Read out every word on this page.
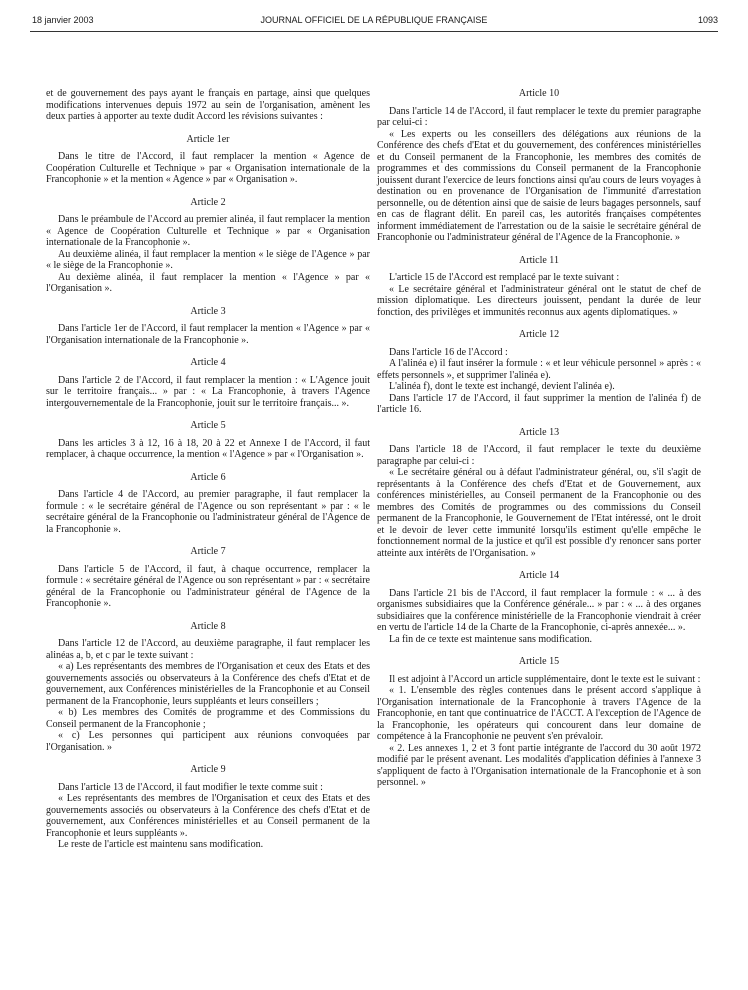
18 janvier 2003	JOURNAL OFFICIEL DE LA RÉPUBLIQUE FRANÇAISE	1093

et de gouvernement des pays ayant le français en partage, ainsi que quelques modifications intervenues depuis 1972 au sein de l'organisation, amènent les deux parties à apporter au texte dudit Accord les révisions suivantes :

Article 1er

Dans le titre de l'Accord, il faut remplacer la mention « Agence de Coopération Culturelle et Technique » par « Organisation internationale de la Francophonie » et la mention « Agence » par « Organisation ».

Article 2

Dans le préambule de l'Accord au premier alinéa, il faut remplacer la mention « Agence de Coopération Culturelle et Technique » par « Organisation internationale de la Francophonie ».

Au deuxième alinéa, il faut remplacer la mention « le siège de l'Agence » par « le siège de la Francophonie ».

Au dexième alinéa, il faut remplacer la mention « l'Agence » par « l'Organisation ».

Article 3

Dans l'article 1er de l'Accord, il faut remplacer la mention « l'Agence » par « l'Organisation internationale de la Francophonie ».

Article 4

Dans l'article 2 de l'Accord, il faut remplacer la mention : « L'Agence jouit sur le territoire français... » par : « La Francophonie, à travers l'Agence intergouvernementale de la Francophonie, jouit sur le territoire français... ».

Article 5

Dans les articles 3 à 12, 16 à 18, 20 à 22 et Annexe I de l'Accord, il faut remplacer, à chaque occurrence, la mention « l'Agence » par « l'Organisation ».

Article 6

Dans l'article 4 de l'Accord, au premier paragraphe, il faut remplacer la formule : « le secrétaire général de l'Agence ou son représentant » par : « le secrétaire général de la Francophonie ou l'administrateur général de l'Agence de la Francophonie ».

Article 7

Dans l'article 5 de l'Accord, il faut, à chaque occurrence, remplacer la formule : « secrétaire général de l'Agence ou son représentant » par : « secrétaire général de la Francophonie ou l'administrateur général de l'Agence de la Francophonie ».

Article 8

Dans l'article 12 de l'Accord, au deuxième paragraphe, il faut remplacer les alinéas a, b, et c par le texte suivant :

« a) Les représentants des membres de l'Organisation et ceux des Etats et des gouvernements associés ou observateurs à la Conférence des chefs d'Etat et de gouvernement, aux Conférences ministérielles de la Francophonie et au Conseil permanent de la Francophonie, leurs suppléants et leurs conseillers ;

« b) Les membres des Comités de programme et des Commissions du Conseil permanent de la Francophonie ;

« c) Les personnes qui participent aux réunions convoquées par l'Organisation. »

Article 9

Dans l'article 13 de l'Accord, il faut modifier le texte comme suit :

« Les représentants des membres de l'Organisation et ceux des Etats et des gouvernements associés ou observateurs à la Conférence des chefs d'Etat et de gouvernement, aux Conférences ministérielles et au Conseil permanent de la Francophonie et leurs suppléants ».

Le reste de l'article est maintenu sans modification.

Article 10

Dans l'article 14 de l'Accord, il faut remplacer le texte du premier paragraphe par celui-ci :

« Les experts ou les conseillers des délégations aux réunions de la Conférence des chefs d'Etat et du gouvernement, des conférences ministérielles et du Conseil permanent de la Francophonie, les membres des comités de programmes et des commissions du Conseil permanent de la Francophonie jouissent durant l'exercice de leurs fonctions ainsi qu'au cours de leurs voyages à destination ou en provenance de l'Organisation de l'immunité d'arrestation personnelle, ou de détention ainsi que de saisie de leurs bagages personnels, sauf en cas de flagrant délit. En pareil cas, les autorités françaises compétentes informent immédiatement de l'arrestation ou de la saisie le secrétaire général de Francophonie ou l'administrateur général de l'Agence de la Francophonie. »

Article 11

L'article 15 de l'Accord est remplacé par le texte suivant :

« Le secrétaire général et l'administrateur général ont le statut de chef de mission diplomatique. Les directeurs jouissent, pendant la durée de leur fonction, des privilèges et immunités reconnus aux agents diplomatiques. »

Article 12

Dans l'article 16 de l'Accord :

A l'alinéa e) il faut insérer la formule : « et leur véhicule personnel » après : « effets personnels », et supprimer l'alinéa e).

L'alinéa f), dont le texte est inchangé, devient l'alinéa e).

Dans l'article 17 de l'Accord, il faut supprimer la mention de l'alinéa f) de l'article 16.

Article 13

Dans l'article 18 de l'Accord, il faut remplacer le texte du deuxième paragraphe par celui-ci :

« Le secrétaire général ou à défaut l'administrateur général, ou, s'il s'agit de représentants à la Conférence des chefs d'Etat et de Gouvernement, aux conférences ministérielles, au Conseil permanent de la Francophonie ou des membres des Comités de programmes ou des commissions du Conseil permanent de la Francophonie, le Gouvernement de l'Etat intéressé, ont le droit et le devoir de lever cette immunité lorsqu'ils estiment qu'elle empêche le fonctionnement normal de la justice et qu'il est possible d'y renoncer sans porter atteinte aux intérêts de l'Organisation. »

Article 14

Dans l'article 21 bis de l'Accord, il faut remplacer la formule : « ... à des organismes subsidiaires que la Conférence générale... » par : « ... à des organes subsidiaires que la conférence ministérielle de la Francophonie viendrait à créer en vertu de l'article 14 de la Charte de la Francophonie, ci-après annexée... ».

La fin de ce texte est maintenue sans modification.

Article 15

Il est adjoint à l'Accord un article supplémentaire, dont le texte est le suivant :

« 1. L'ensemble des règles contenues dans le présent accord s'applique à l'Organisation internationale de la Francophonie à travers l'Agence de la Francophonie, en tant que continuatrice de l'ACCT. A l'exception de l'Agence de la Francophonie, les opérateurs qui concourent dans leur domaine de compétence à la Francophonie ne peuvent s'en prévaloir.

« 2. Les annexes 1, 2 et 3 font partie intégrante de l'accord du 30 août 1972 modifié par le présent avenant. Les modalités d'application définies à l'annexe 3 s'appliquent de facto à l'Organisation internationale de la Francophonie et à son personnel. »
